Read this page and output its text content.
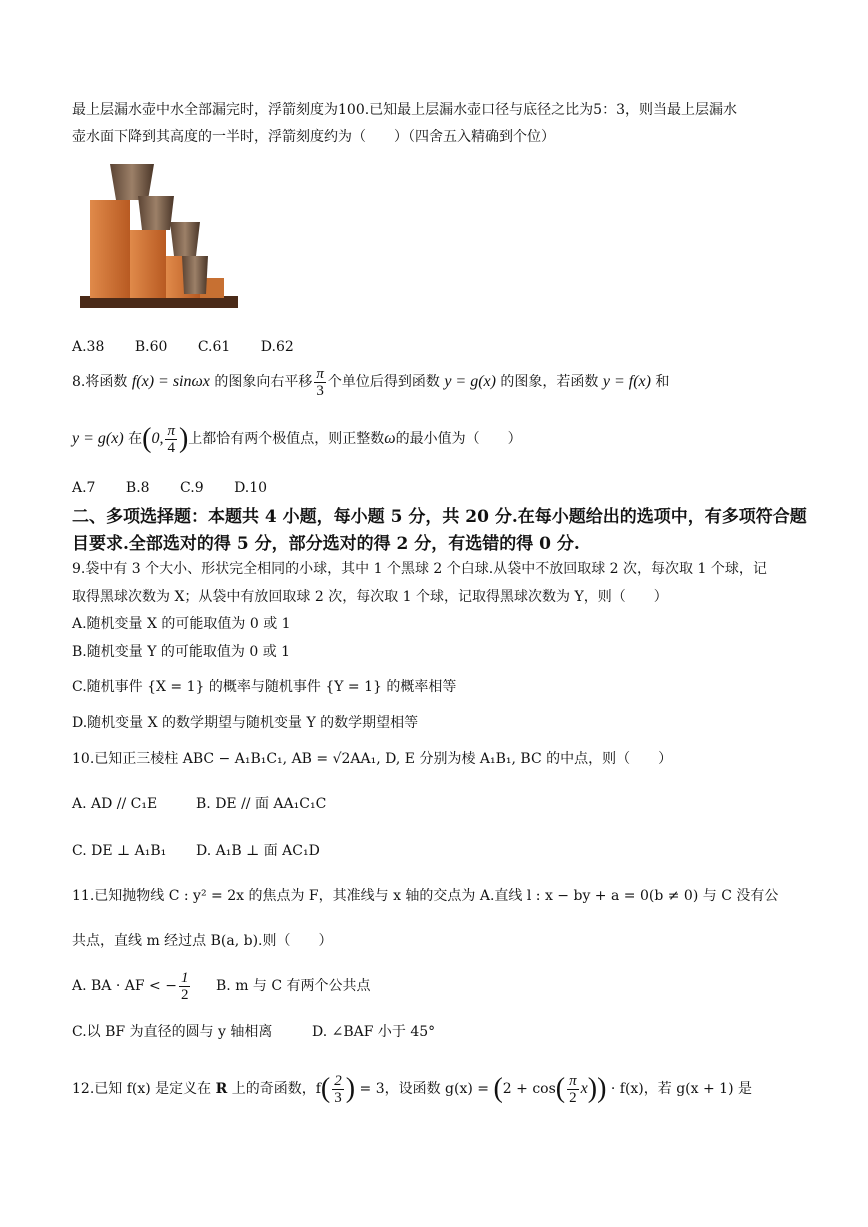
最上层漏水壶中水全部漏完时，浮箭刻度为100.已知最上层漏水壶口径与底径之比为5：3，则当最上层漏水
壶水面下降到其高度的一半时，浮箭刻度约为（　　）（四舍五入精确到个位）
A.38 B.60 C.61 D.62
8.将函数 f(x) = sinωx 的图象向右平移 $\frac{\pi}{3}$ 个单位后得到函数 y = g(x) 的图象，若函数 y = f(x) 和
y = g(x) 在(0, $\frac{\pi}{4}$ )上都恰有两个极值点，则正整数ω的最小值为（　　）
A.7 B.8 C.9 D.10
二、多项选择题：本题共 4 小题，每小题 5 分，共 20 分.在每小题给出的选项中，有多项符合题
目要求.全部选对的得 5 分，部分选对的得 2 分，有选错的得 0 分.
9.袋中有 3 个大小、形状完全相同的小球，其中 1 个黑球 2 个白球.从袋中不放回取球 2 次，每次取 1 个球，记
取得黑球次数为 X；从袋中有放回取球 2 次，每次取 1 个球，记取得黑球次数为 Y，则（　　）
A.随机变量 X 的可能取值为 0 或 1
B.随机变量 Y 的可能取值为 0 或 1
C.随机事件 {X = 1} 的概率与随机事件 {Y = 1} 的概率相等
D.随机变量 X 的数学期望与随机变量 Y 的数学期望相等
10.已知正三棱柱 ABC − A₁B₁C₁, AB = √2AA₁, D, E 分别为棱 A₁B₁, BC 的中点，则（　　）
A. AD // C₁E	B. DE // 面 AA₁C₁C
C. DE ⊥ A₁B₁ D. A₁B ⊥ 面 AC₁D
11.已知抛物线 C : y² = 2x 的焦点为 F，其准线与 x 轴的交点为 A.直线 l : x − by + a = 0(b ≠ 0) 与 C 没有公
共点，直线 m 经过点 B(a, b).则（　　）
A. BA · AF < − $\frac{1}{2} B$. m 与 C 有两个公共点
C.以 BF 为直径的圆与 y 轴相离	D. ∠BAF 小于 45°
12.已知 f(x) 是定义在 R 上的奇函数，$f( \frac{2}{3}$ ) = 3，设函数 $g(x) = (2 + \cos( \frac{\pi}{2} x)) \cdot f(x)$，若 g(x + 1) 是
